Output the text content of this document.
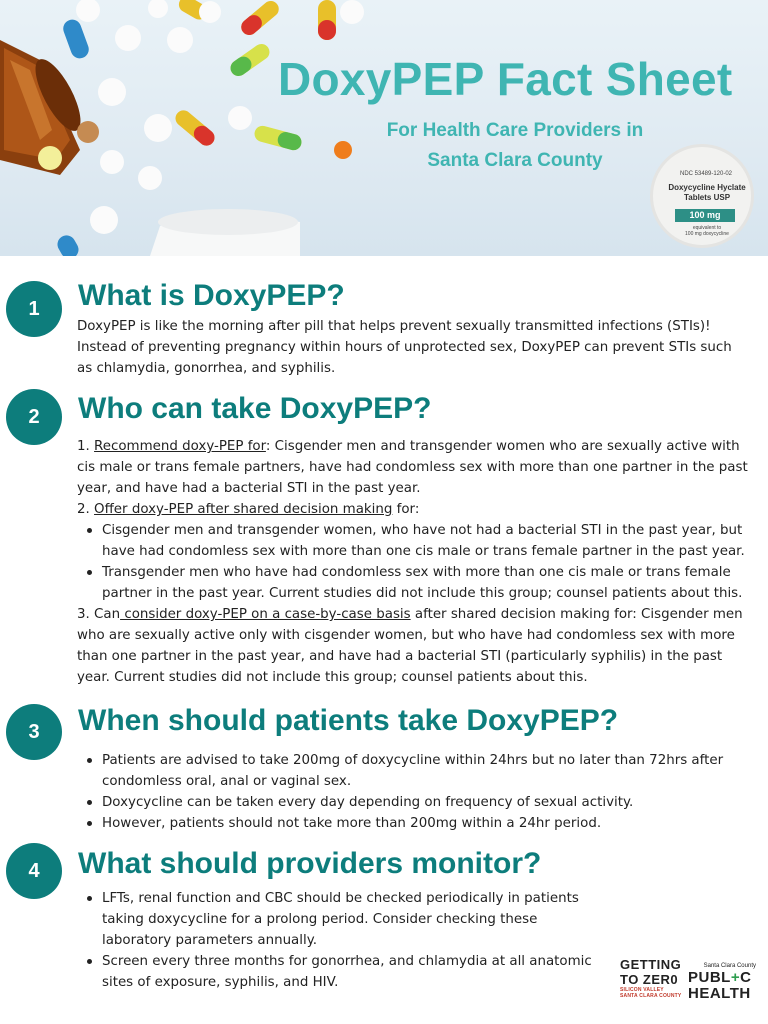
DoxyPEP Fact Sheet
For Health Care Providers in
Santa Clara County
NDC 53489-120-02
Doxycycline Hyclate
Tablets USP
100 mg
equivalent to
100 mg doxycycline
1	What is DoxyPEP?

DoxyPEP is like the morning after pill that helps prevent sexually transmitted infections (STIs)! Instead of preventing pregnancy within hours of unprotected sex, DoxyPEP can prevent STIs such as chlamydia, gonorrhea, and syphilis.

2	Who can take DoxyPEP?

1. Recommend doxy-PEP for: Cisgender men and transgender women who are sexually active with cis male or trans female partners, have had condomless sex with more than one partner in the past year, and have had a bacterial STI in the past year.

2. Offer doxy-PEP after shared decision making for:

Cisgender men and transgender women, who have not had a bacterial STI in the past year, but have had condomless sex with more than one cis male or trans female partner in the past year.
Transgender men who have had condomless sex with more than one cis male or trans female partner in the past year. Current studies did not include this group; counsel patients about this.

3. Can consider doxy-PEP on a case-by-case basis after shared decision making for: Cisgender men who are sexually active only with cisgender women, but who have had condomless sex with more than one partner in the past year, and have had a bacterial STI (particularly syphilis) in the past year. Current studies did not include this group; counsel patients about this.

3	When should patients take DoxyPEP?
Patients are advised to take 200mg of doxycycline within 24hrs but no later than 72hrs after condomless oral, anal or vaginal sex.
Doxycycline can be taken every day depending on frequency of sexual activity.
However, patients should not take more than 200mg within a 24hr period.
4	What should providers monitor?
LFTs, renal function and CBC should be checked periodically in patients taking doxycycline for a prolong period. Consider checking these laboratory parameters annually.
Screen every three months for gonorrhea, and chlamydia at all anatomic sites of exposure, syphilis, and HIV.
GETTING
TO ZER0
SILICON VALLEY
SANTA CLARA COUNTY
Santa Clara County
PUBL+C
HEALTH
